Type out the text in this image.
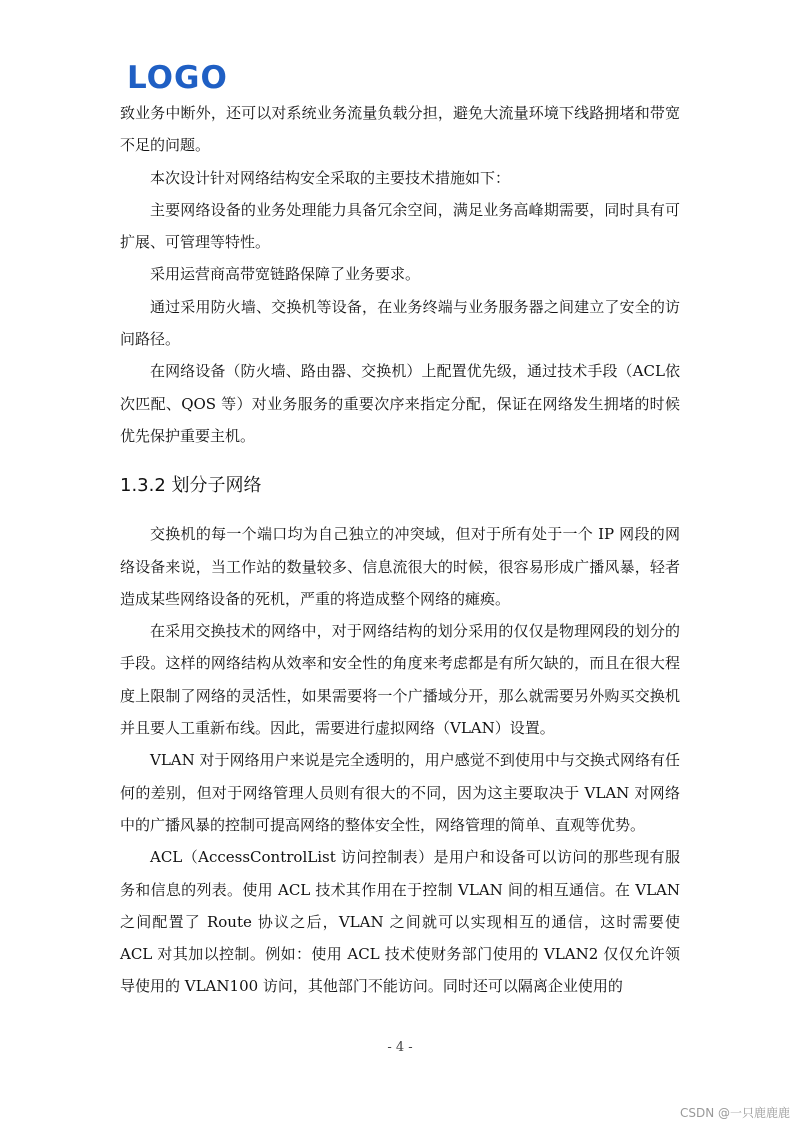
LOGO

致业务中断外，还可以对系统业务流量负载分担，避免大流量环境下线路拥堵和带宽不足的问题。

本次设计针对网络结构安全采取的主要技术措施如下：

主要网络设备的业务处理能力具备冗余空间，满足业务高峰期需要，同时具有可扩展、可管理等特性。

采用运营商高带宽链路保障了业务要求。

通过采用防火墙、交换机等设备，在业务终端与业务服务器之间建立了安全的访问路径。

在网络设备（防火墙、路由器、交换机）上配置优先级，通过技术手段（ACL依次匹配、QOS 等）对业务服务的重要次序来指定分配，保证在网络发生拥堵的时候优先保护重要主机。

1.3.2 划分子网络

交换机的每一个端口均为自己独立的冲突域，但对于所有处于一个 IP 网段的网络设备来说，当工作站的数量较多、信息流很大的时候，很容易形成广播风暴，轻者造成某些网络设备的死机，严重的将造成整个网络的瘫痪。

在采用交换技术的网络中，对于网络结构的划分采用的仅仅是物理网段的划分的手段。这样的网络结构从效率和安全性的角度来考虑都是有所欠缺的，而且在很大程度上限制了网络的灵活性，如果需要将一个广播域分开，那么就需要另外购买交换机并且要人工重新布线。因此，需要进行虚拟网络（VLAN）设置。

VLAN 对于网络用户来说是完全透明的，用户感觉不到使用中与交换式网络有任何的差别，但对于网络管理人员则有很大的不同，因为这主要取决于 VLAN 对网络中的广播风暴的控制可提高网络的整体安全性，网络管理的简单、直观等优势。

ACL（AccessControlList 访问控制表）是用户和设备可以访问的那些现有服务和信息的列表。使用 ACL 技术其作用在于控制 VLAN 间的相互通信。在 VLAN 之间配置了 Route 协议之后，VLAN 之间就可以实现相互的通信，这时需要使 ACL 对其加以控制。例如：使用 ACL 技术使财务部门使用的 VLAN2 仅仅允许领导使用的 VLAN100 访问，其他部门不能访问。同时还可以隔离企业使用的

- 4 -
CSDN @一只鹿鹿鹿
